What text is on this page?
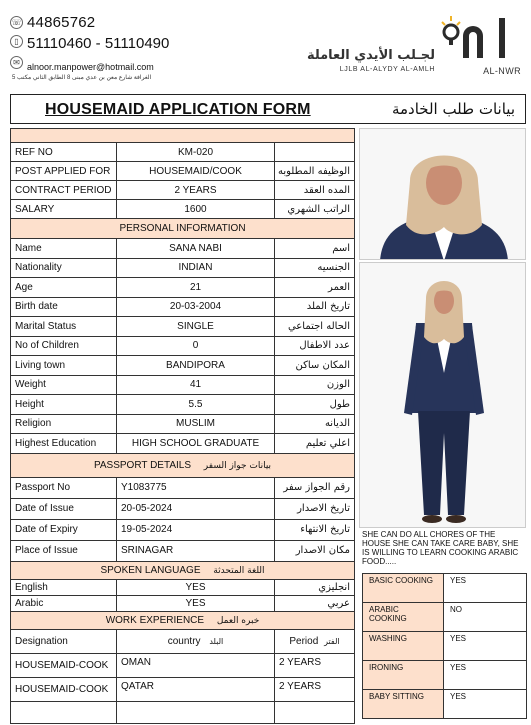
☏ 44865762
▯ 51110460 - 51110490
✉ alnoor.manpower@hotmail.com
الغرافة شارع معن بن عدي مبنى 8 الطابق الثاني مكتب 5
لجـلب الأيدي العاملة
LJLB AL-ALYDY AL-AMLH	AL-NWR
HOUSEMAID APPLICATION FORM	بيانات طلب الخادمة

REF NO	KM-020	
POST APPLIED FOR	HOUSEMAID/COOK	الوظيفه المطلوبه
CONTRACT PERIOD	2 YEARS	المده العقد
SALARY	1600	الراتب الشهري
PERSONAL INFORMATION		
Name	SANA NABI	اسم
Nationality	INDIAN	الجنسيه
Age	21	العمر
Birth date	20-03-2004	تاريخ الملد
Marital Status	SINGLE	الحاله اجتماعي
No of Children	0	عدد الاطفال
Living town	BANDIPORA	المكان ساكن
Weight	41	الوزن
Height	5.5	طول
Religion	MUSLIM	الديانه
Highest Education	HIGH SCHOOL GRADUATE	اعلي تعليم
PASSPORT DETAILS بيانات جواز السفر		
Passport No	Y1083775	رقم الجواز سفر
Date of Issue	20-05-2024	تاريخ الاصدار
Date of Expiry	19-05-2024	تاريخ الانتهاء
Place of Issue	SRINAGAR	مكان الاصدار
SPOKEN LANGUAGE اللغة المتحدثة		
English	YES	انجليزي
Arabic	YES	عربي
WORK EXPERIENCE خبره العمل		
Designation	country البلد	Period الفتر
HOUSEMAID-COOK	OMAN	2 YEARS
HOUSEMAID-COOK	QATAR	2 YEARS

SHE CAN DO ALL CHORES OF THE HOUSE SHE CAN TAKE CARE BABY, SHE IS WILLING TO LEARN COOKING ARABIC FOOD.....
BASIC COOKING	YES
ARABIC COOKING	NO
WASHING	YES
IRONING	YES
BABY SITTING	YES
